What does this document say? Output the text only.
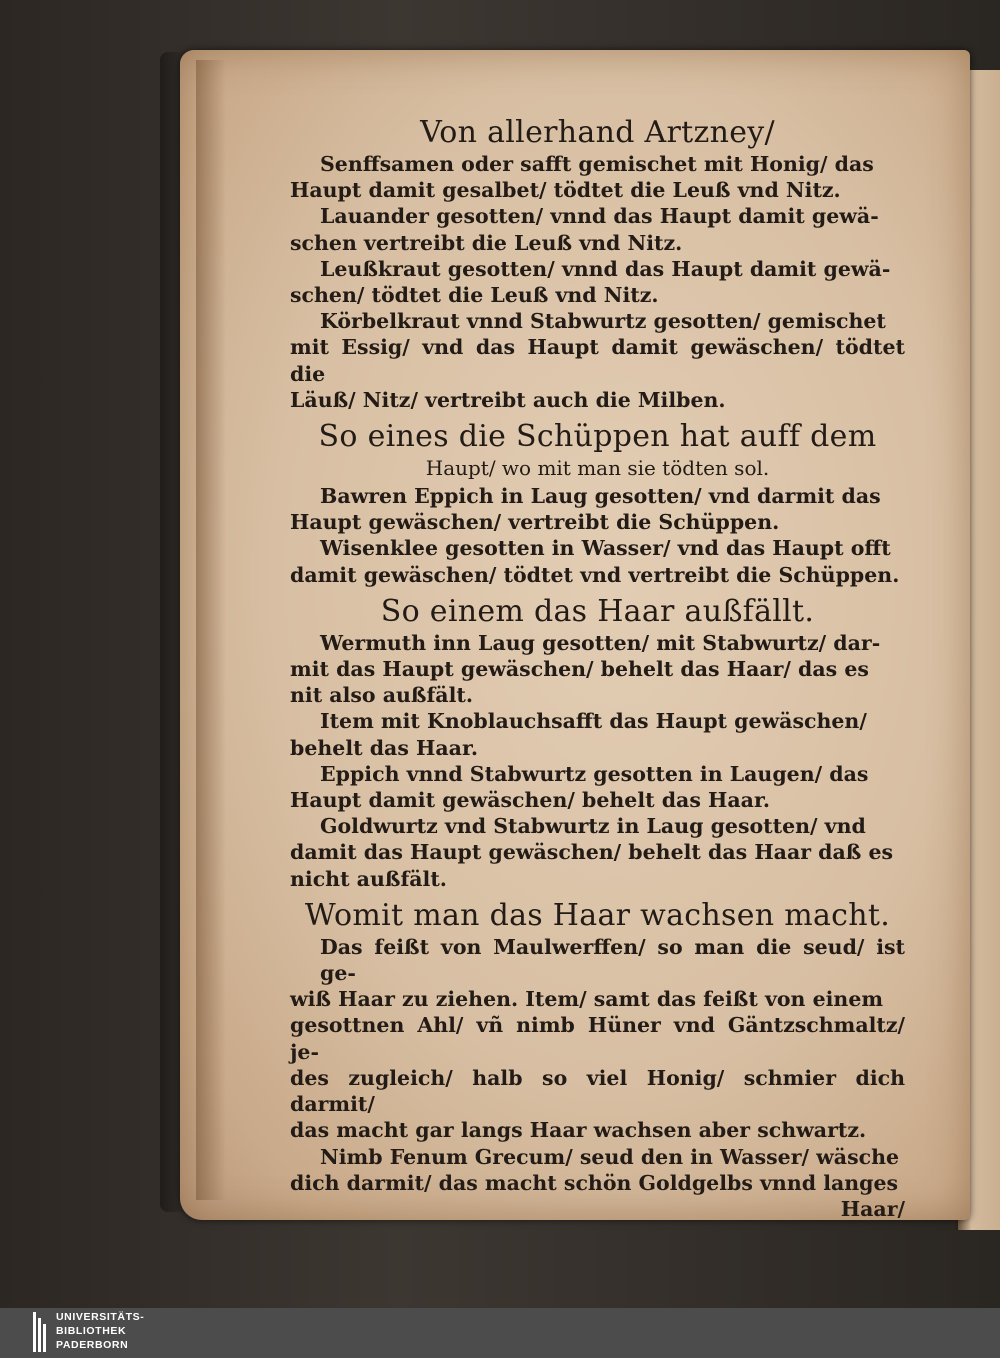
Von allerhand Artzney/

Senffsamen oder safft gemischet mit Honig/ das
Haupt damit gesalbet/ tödtet die Leuß vnd Nitz.

Lauander gesotten/ vnnd das Haupt damit gewä-
schen vertreibt die Leuß vnd Nitz.

Leußkraut gesotten/ vnnd das Haupt damit gewä-
schen/ tödtet die Leuß vnd Nitz.

Körbelkraut vnnd Stabwurtz gesotten/ gemischet
mit Essig/ vnd das Haupt damit gewäschen/ tödtet die
Läuß/ Nitz/ vertreibt auch die Milben.

So eines die Schüppen hat auff dem

Haupt/ wo mit man sie tödten sol.

Bawren Eppich in Laug gesotten/ vnd darmit das
Haupt gewäschen/ vertreibt die Schüppen.

Wisenklee gesotten in Wasser/ vnd das Haupt offt
damit gewäschen/ tödtet vnd vertreibt die Schüppen.

So einem das Haar außfällt.

Wermuth inn Laug gesotten/ mit Stabwurtz/ dar-
mit das Haupt gewäschen/ behelt das Haar/ das es
nit also außfält.

Item mit Knoblauchsafft das Haupt gewäschen/
behelt das Haar.

Eppich vnnd Stabwurtz gesotten in Laugen/ das
Haupt damit gewäschen/ behelt das Haar.

Goldwurtz vnd Stabwurtz in Laug gesotten/ vnd
damit das Haupt gewäschen/ behelt das Haar daß es
nicht außfält.

Womit man das Haar wachsen macht.

Das feißt von Maulwerffen/ so man die seud/ ist ge-
wiß Haar zu ziehen. Item/ samt das feißt von einem
gesottnen Ahl/ vñ nimb Hüner vnd Gäntzschmaltz/ je-
des zugleich/ halb so viel Honig/ schmier dich darmit/
das macht gar langs Haar wachsen aber schwartz.

Nimb Fenum Grecum/ seud den in Wasser/ wäsche
dich darmit/ das macht schön Goldgelbs vnnd langes

Haar/

UNIVERSITÄTS-
BIBLIOTHEK
PADERBORN
